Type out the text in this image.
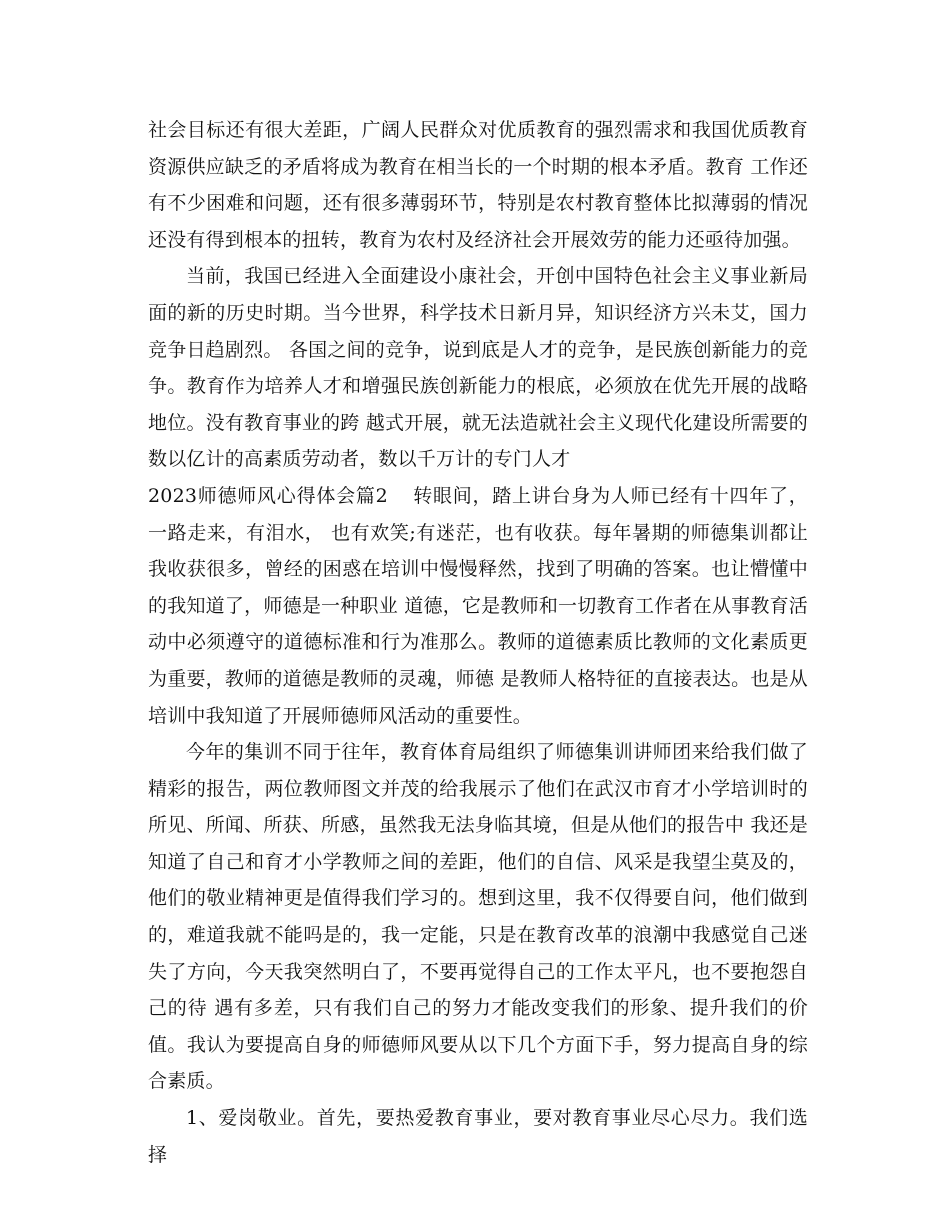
社会目标还有很大差距，广阔人民群众对优质教育的强烈需求和我国优质教育资源供应缺乏的矛盾将成为教育在相当长的一个时期的根本矛盾。教育 工作还有不少困难和问题，还有很多薄弱环节，特别是农村教育整体比拟薄弱的情况还没有得到根本的扭转，教育为农村及经济社会开展效劳的能力还亟待加强。

当前，我国已经进入全面建设小康社会，开创中国特色社会主义事业新局面的新的历史时期。当今世界，科学技术日新月异，知识经济方兴未艾，国力竞争日趋剧烈。 各国之间的竞争，说到底是人才的竞争，是民族创新能力的竞争。教育作为培养人才和增强民族创新能力的根底，必须放在优先开展的战略地位。没有教育事业的跨 越式开展，就无法造就社会主义现代化建设所需要的数以亿计的高素质劳动者，数以千万计的专门人才

2023师德师风心得体会篇2 转眼间，踏上讲台身为人师已经有十四年了，一路走来，有泪水， 也有欢笑;有迷茫，也有收获。每年暑期的师德集训都让我收获很多，曾经的困惑在培训中慢慢释然，找到了明确的答案。也让懵懂中的我知道了，师德是一种职业 道德，它是教师和一切教育工作者在从事教育活动中必须遵守的道德标准和行为准那么。教师的道德素质比教师的文化素质更为重要，教师的道德是教师的灵魂，师德 是教师人格特征的直接表达。也是从培训中我知道了开展师德师风活动的重要性。

今年的集训不同于往年，教育体育局组织了师德集训讲师团来给我们做了精彩的报告，两位教师图文并茂的给我展示了他们在武汉市育才小学培训时的所见、所闻、所获、所感，虽然我无法身临其境，但是从他们的报告中 我还是知道了自己和育才小学教师之间的差距，他们的自信、风采是我望尘莫及的，他们的敬业精神更是值得我们学习的。想到这里，我不仅得要自问，他们做到 的，难道我就不能吗是的，我一定能，只是在教育改革的浪潮中我感觉自己迷失了方向，今天我突然明白了，不要再觉得自己的工作太平凡，也不要抱怨自己的待 遇有多差，只有我们自己的努力才能改变我们的形象、提升我们的价值。我认为要提高自身的师德师风要从以下几个方面下手，努力提高自身的综合素质。

1、爱岗敬业。首先，要热爱教育事业，要对教育事业尽心尽力。我们选择
